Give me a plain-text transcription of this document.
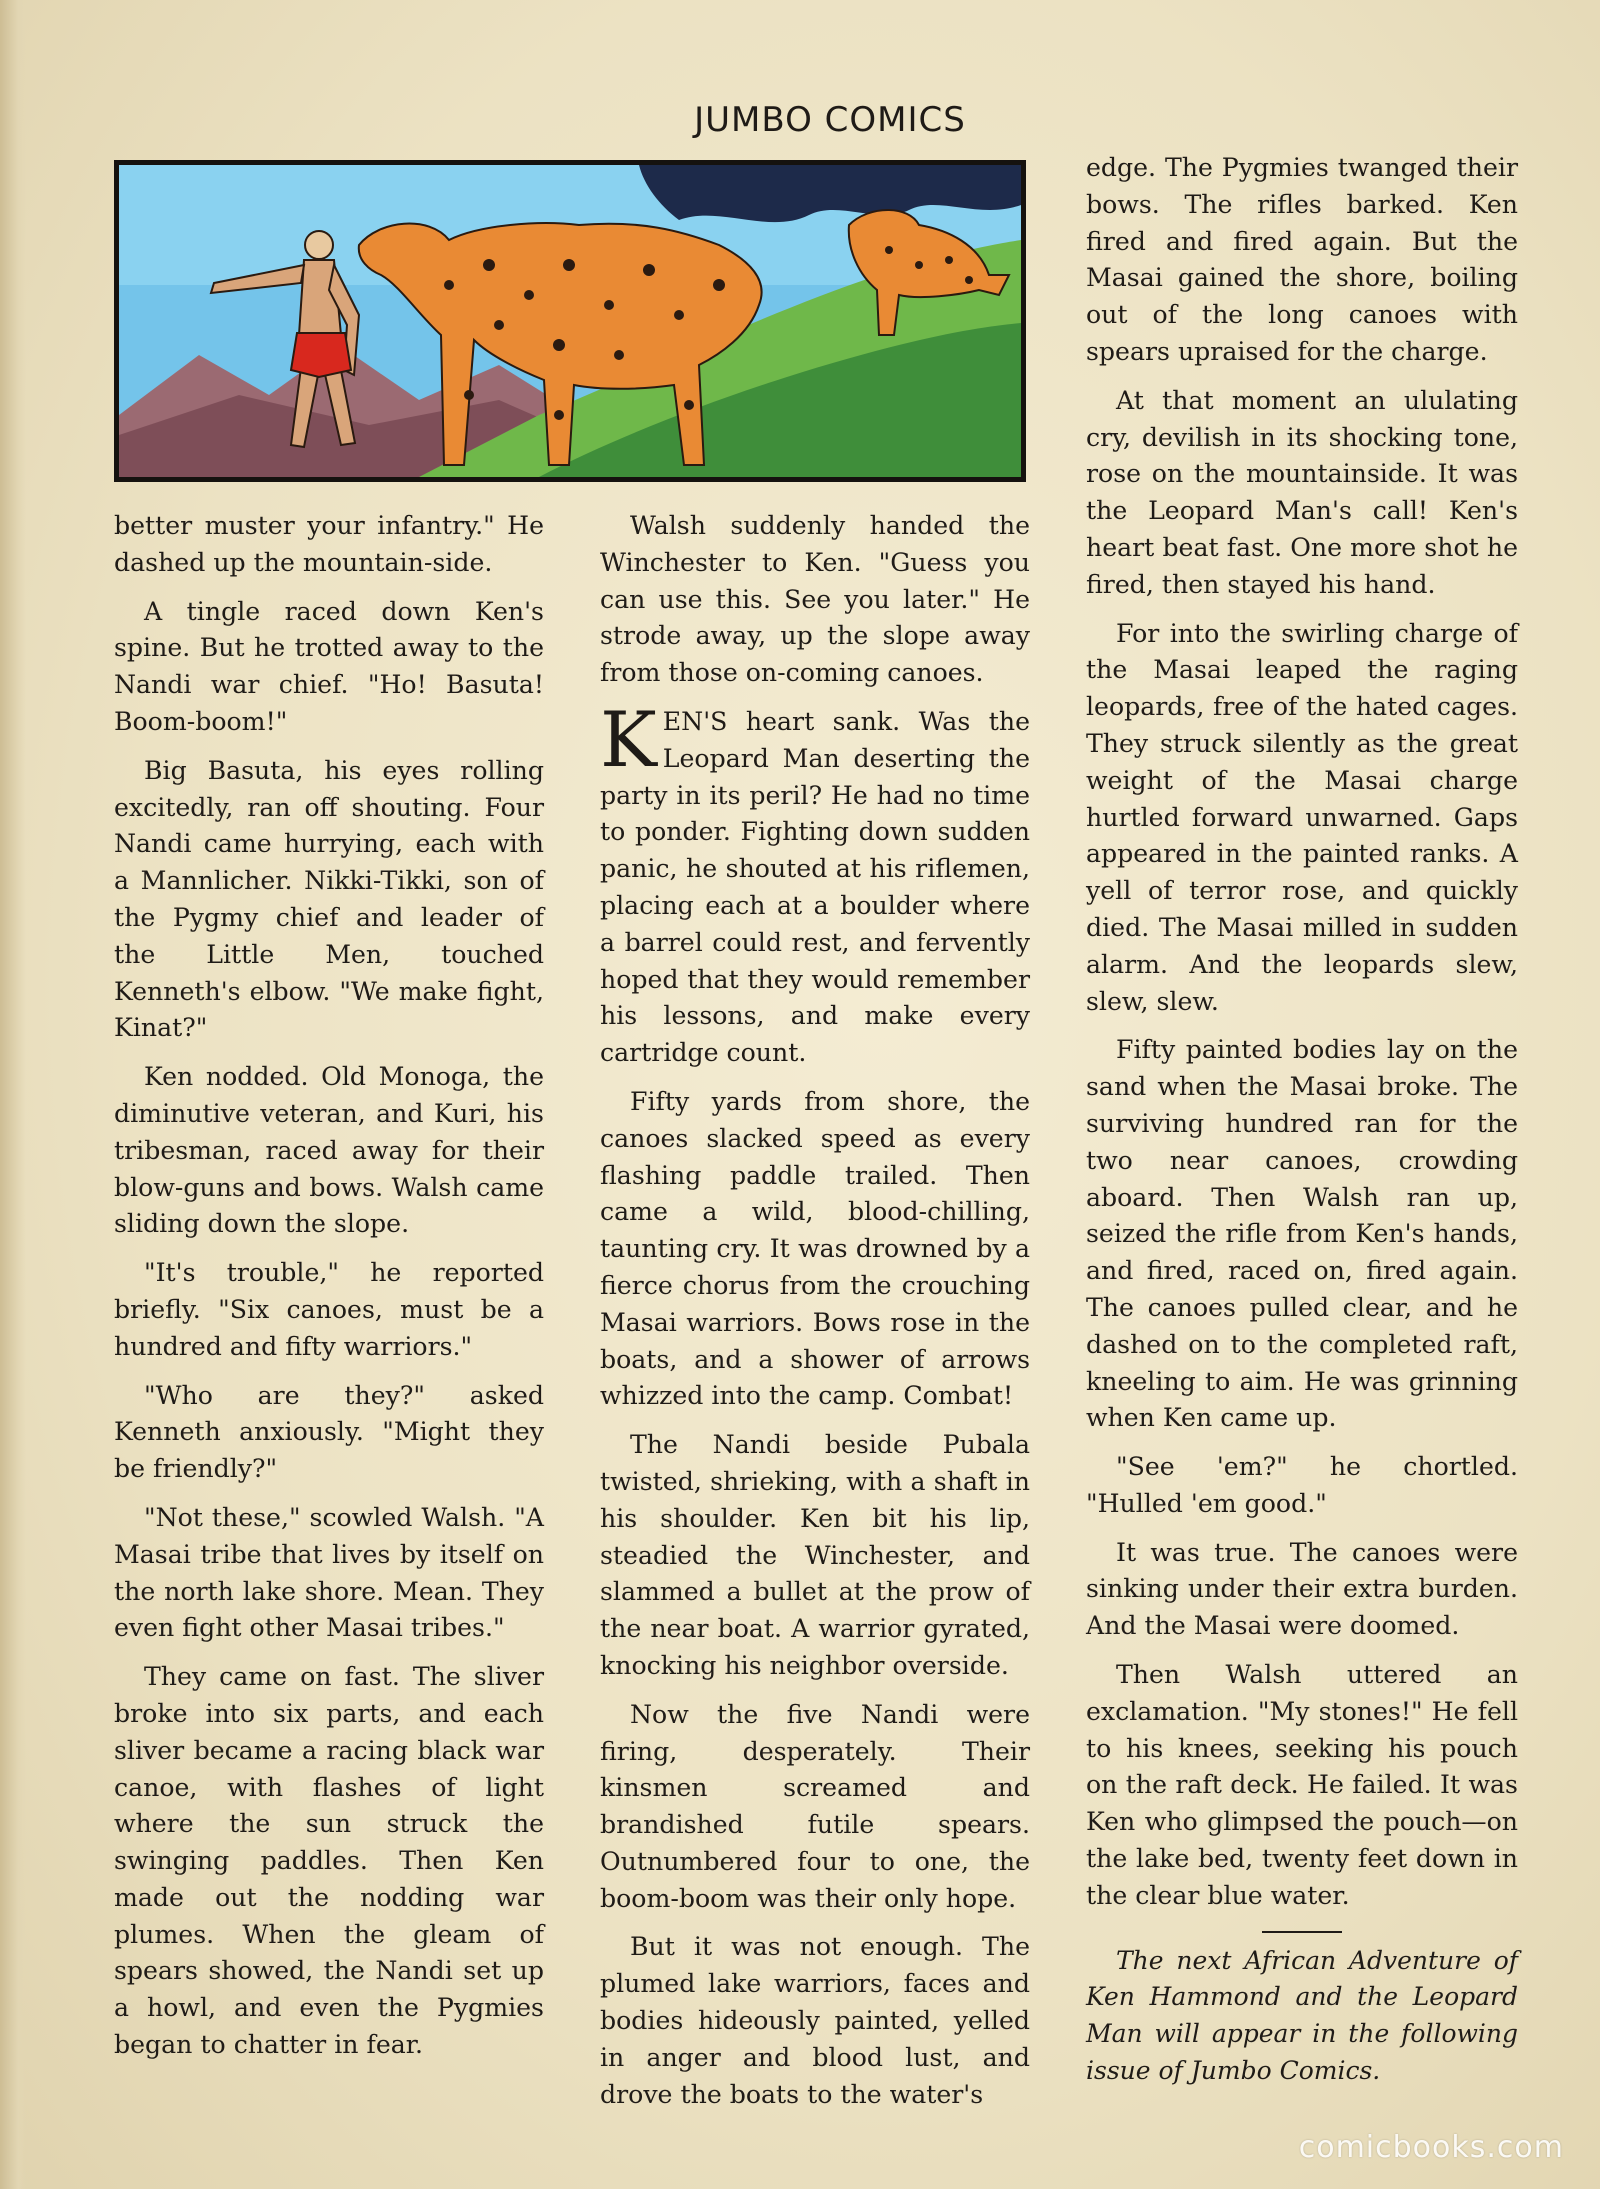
JUMBO COMICS

better muster your infantry." He dashed up the mountain-side.

A tingle raced down Ken's spine. But he trotted away to the Nandi war chief. "Ho! Basuta! Boom-boom!"

Big Basuta, his eyes rolling excitedly, ran off shouting. Four Nandi came hurrying, each with a Mannlicher. Nikki-Tikki, son of the Pygmy chief and leader of the Little Men, touched Kenneth's elbow. "We make fight, Kinat?"

Ken nodded. Old Monoga, the diminutive veteran, and Kuri, his tribesman, raced away for their blow-guns and bows. Walsh came sliding down the slope.

"It's trouble," he reported briefly. "Six canoes, must be a hundred and fifty warriors."

"Who are they?" asked Kenneth anxiously. "Might they be friendly?"

"Not these," scowled Walsh. "A Masai tribe that lives by itself on the north lake shore. Mean. They even fight other Masai tribes."

They came on fast. The sliver broke into six parts, and each sliver became a racing black war canoe, with flashes of light where the sun struck the swinging paddles. Then Ken made out the nodding war plumes. When the gleam of spears showed, the Nandi set up a howl, and even the Pygmies began to chatter in fear.

Walsh suddenly handed the Winchester to Ken. "Guess you can use this. See you later." He strode away, up the slope away from those on-coming canoes.

KEN'S heart sank. Was the Leopard Man deserting the party in its peril? He had no time to ponder. Fighting down sudden panic, he shouted at his riflemen, placing each at a boulder where a barrel could rest, and fervently hoped that they would remember his lessons, and make every cartridge count.

Fifty yards from shore, the canoes slacked speed as every flashing paddle trailed. Then came a wild, blood-chilling, taunting cry. It was drowned by a fierce chorus from the crouching Masai warriors. Bows rose in the boats, and a shower of arrows whizzed into the camp. Combat!

The Nandi beside Pubala twisted, shrieking, with a shaft in his shoulder. Ken bit his lip, steadied the Winchester, and slammed a bullet at the prow of the near boat. A warrior gyrated, knocking his neighbor overside.

Now the five Nandi were firing, desperately. Their kinsmen screamed and brandished futile spears. Outnumbered four to one, the boom-boom was their only hope.

But it was not enough. The plumed lake warriors, faces and bodies hideously painted, yelled in anger and blood lust, and drove the boats to the water's

edge. The Pygmies twanged their bows. The rifles barked. Ken fired and fired again. But the Masai gained the shore, boiling out of the long canoes with spears upraised for the charge.

At that moment an ululating cry, devilish in its shocking tone, rose on the mountainside. It was the Leopard Man's call! Ken's heart beat fast. One more shot he fired, then stayed his hand.

For into the swirling charge of the Masai leaped the raging leopards, free of the hated cages. They struck silently as the great weight of the Masai charge hurtled forward unwarned. Gaps appeared in the painted ranks. A yell of terror rose, and quickly died. The Masai milled in sudden alarm. And the leopards slew, slew, slew.

Fifty painted bodies lay on the sand when the Masai broke. The surviving hundred ran for the two near canoes, crowding aboard. Then Walsh ran up, seized the rifle from Ken's hands, and fired, raced on, fired again. The canoes pulled clear, and he dashed on to the completed raft, kneeling to aim. He was grinning when Ken came up.

"See 'em?" he chortled. "Hulled 'em good."

It was true. The canoes were sinking under their extra burden. And the Masai were doomed.

Then Walsh uttered an exclamation. "My stones!" He fell to his knees, seeking his pouch on the raft deck. He failed. It was Ken who glimpsed the pouch—on the lake bed, twenty feet down in the clear blue water.

The next African Adventure of Ken Hammond and the Leopard Man will appear in the following issue of Jumbo Comics.

comicbooks.com
